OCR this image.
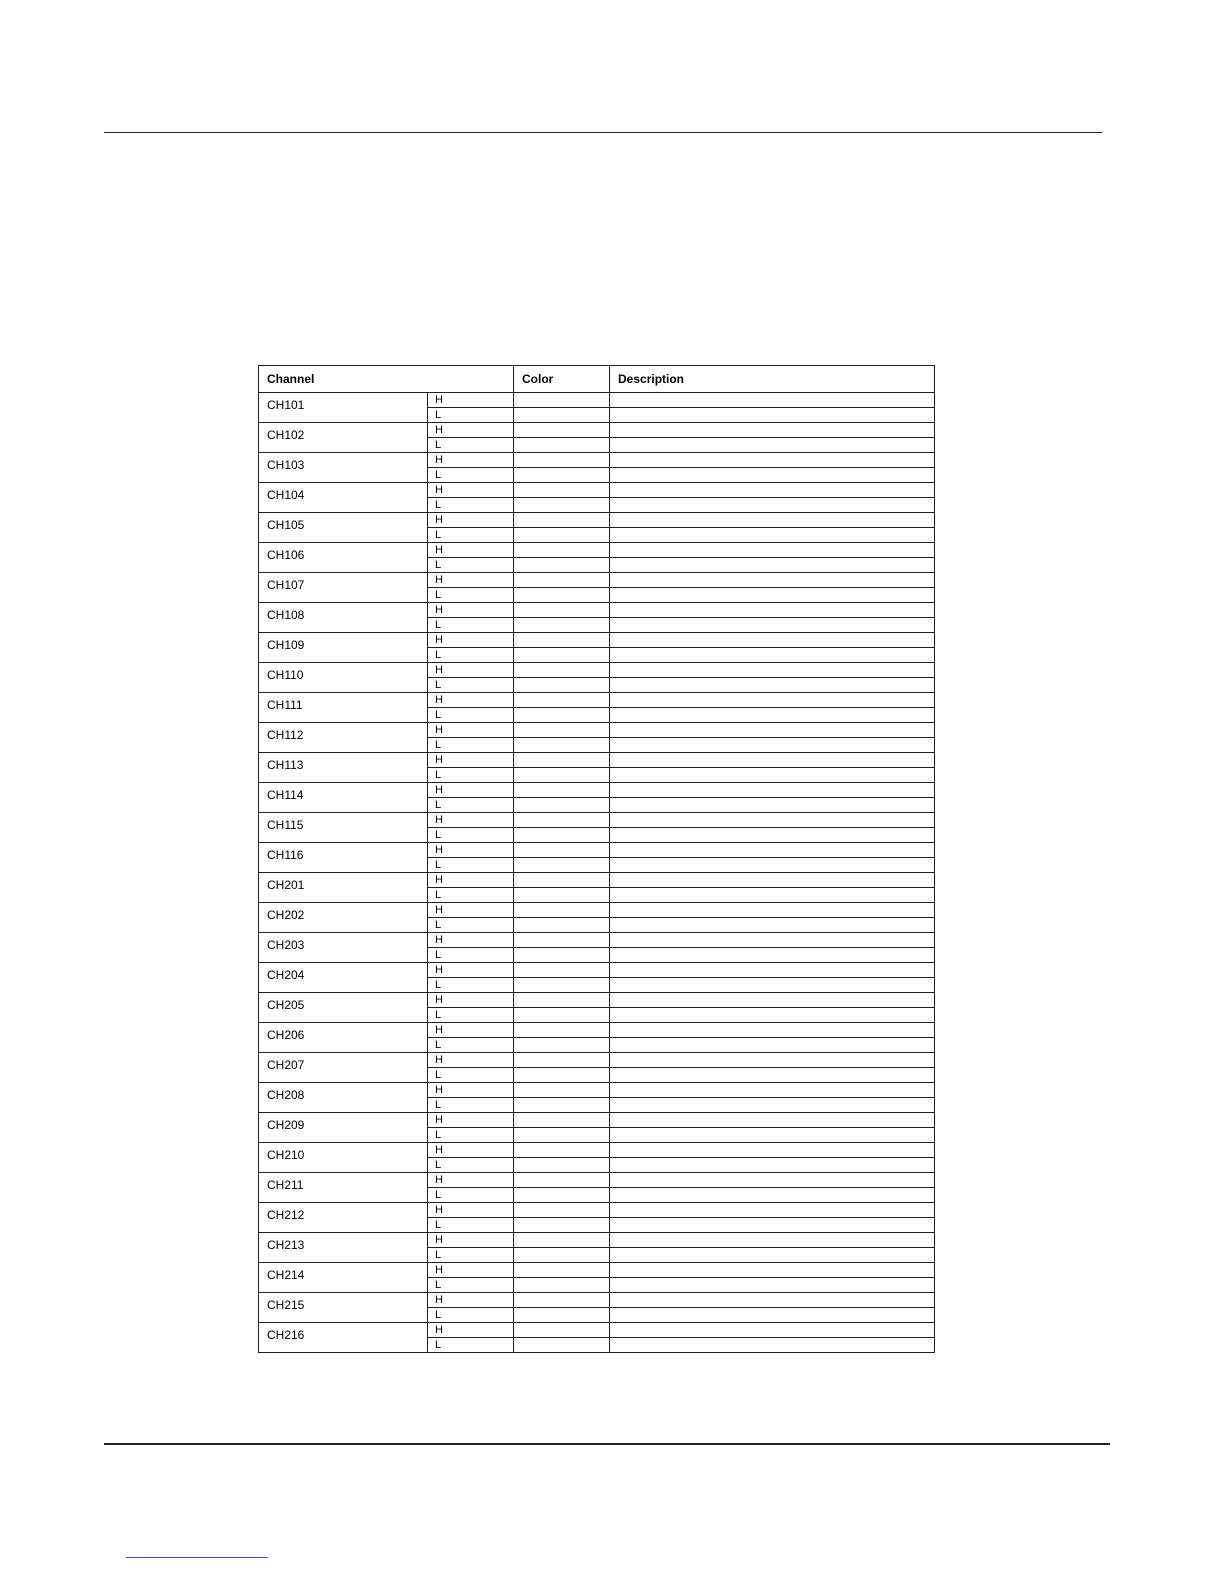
Channel		Color	Description
CH101	H		
	L		
CH102	H		
	L		
CH103	H		
	L		
CH104	H		
	L		
CH105	H		
	L		
CH106	H		
	L		
CH107	H		
	L		
CH108	H		
	L		
CH109	H		
	L		
CH110	H		
	L		
CH111	H		
	L		
CH112	H		
	L		
CH113	H		
	L		
CH114	H		
	L		
CH115	H		
	L		
CH116	H		
	L		
CH201	H		
	L		
CH202	H		
	L		
CH203	H		
	L		
CH204	H		
	L		
CH205	H		
	L		
CH206	H		
	L		
CH207	H		
	L		
CH208	H		
	L		
CH209	H		
	L		
CH210	H		
	L		
CH211	H		
	L		
CH212	H		
	L		
CH213	H		
	L		
CH214	H		
	L		
CH215	H		
	L		
CH216	H		
	L		
